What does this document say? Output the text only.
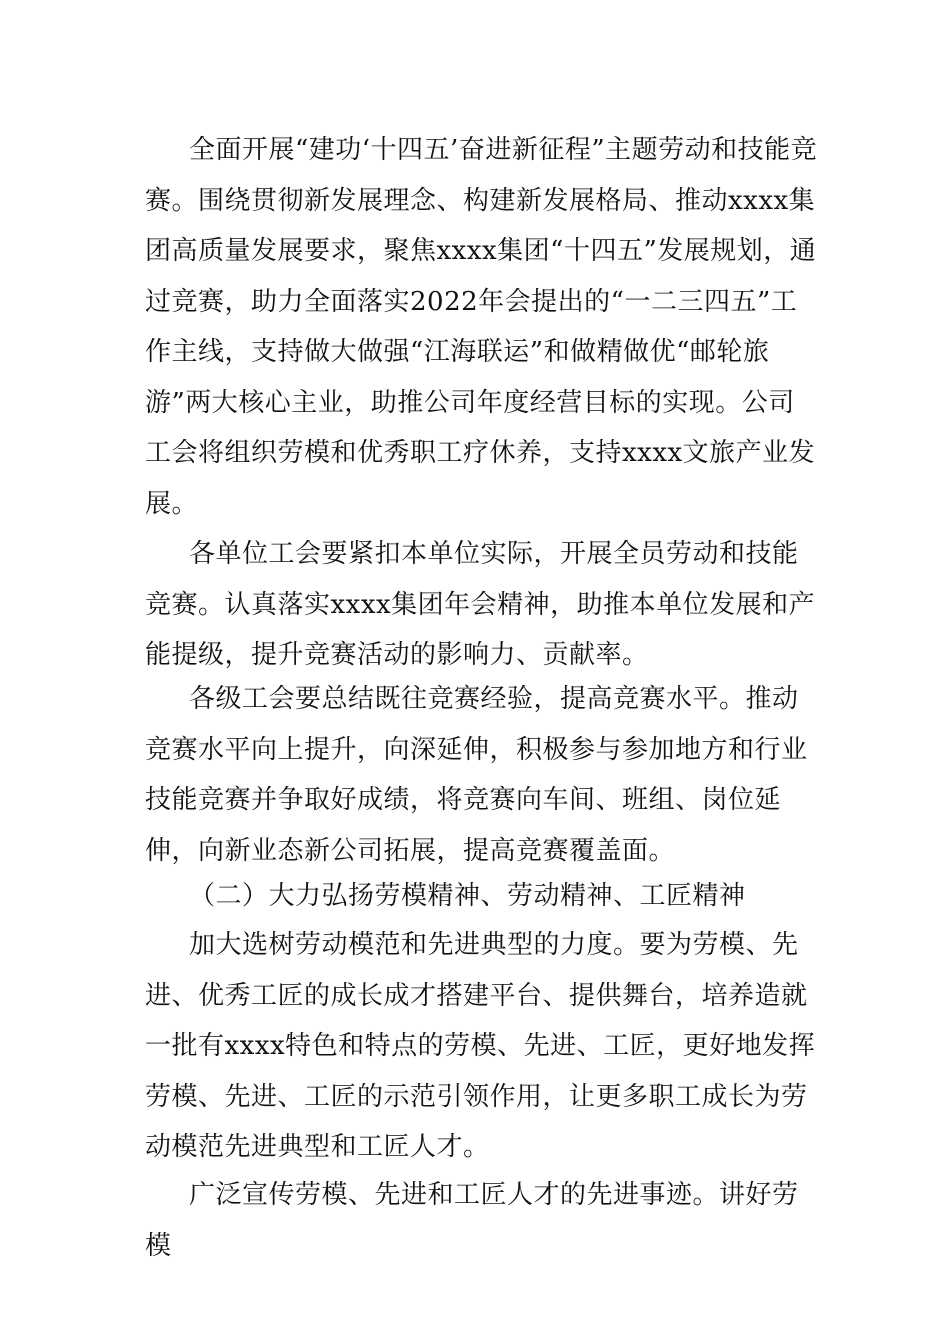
全面开展“建功‘十四五’奋进新征程”主题劳动和技能竞赛。围绕贯彻新发展理念、构建新发展格局、推动xxxx集团高质量发展要求，聚焦xxxx集团“十四五”发展规划，通过竞赛，助力全面落实2022年会提出的“一二三四五”工作主线，支持做大做强“江海联运”和做精做优“邮轮旅游”两大核心主业，助推公司年度经营目标的实现。公司工会将组织劳模和优秀职工疗休养，支持xxxx文旅产业发展。

各单位工会要紧扣本单位实际，开展全员劳动和技能竞赛。认真落实xxxx集团年会精神，助推本单位发展和产能提级，提升竞赛活动的影响力、贡献率。

各级工会要总结既往竞赛经验，提高竞赛水平。推动竞赛水平向上提升，向深延伸，积极参与参加地方和行业技能竞赛并争取好成绩，将竞赛向车间、班组、岗位延伸，向新业态新公司拓展，提高竞赛覆盖面。

（二）大力弘扬劳模精神、劳动精神、工匠精神

加大选树劳动模范和先进典型的力度。要为劳模、先进、优秀工匠的成长成才搭建平台、提供舞台，培养造就一批有xxxx特色和特点的劳模、先进、工匠，更好地发挥劳模、先进、工匠的示范引领作用，让更多职工成长为劳动模范先进典型和工匠人才。

广泛宣传劳模、先进和工匠人才的先进事迹。讲好劳模
